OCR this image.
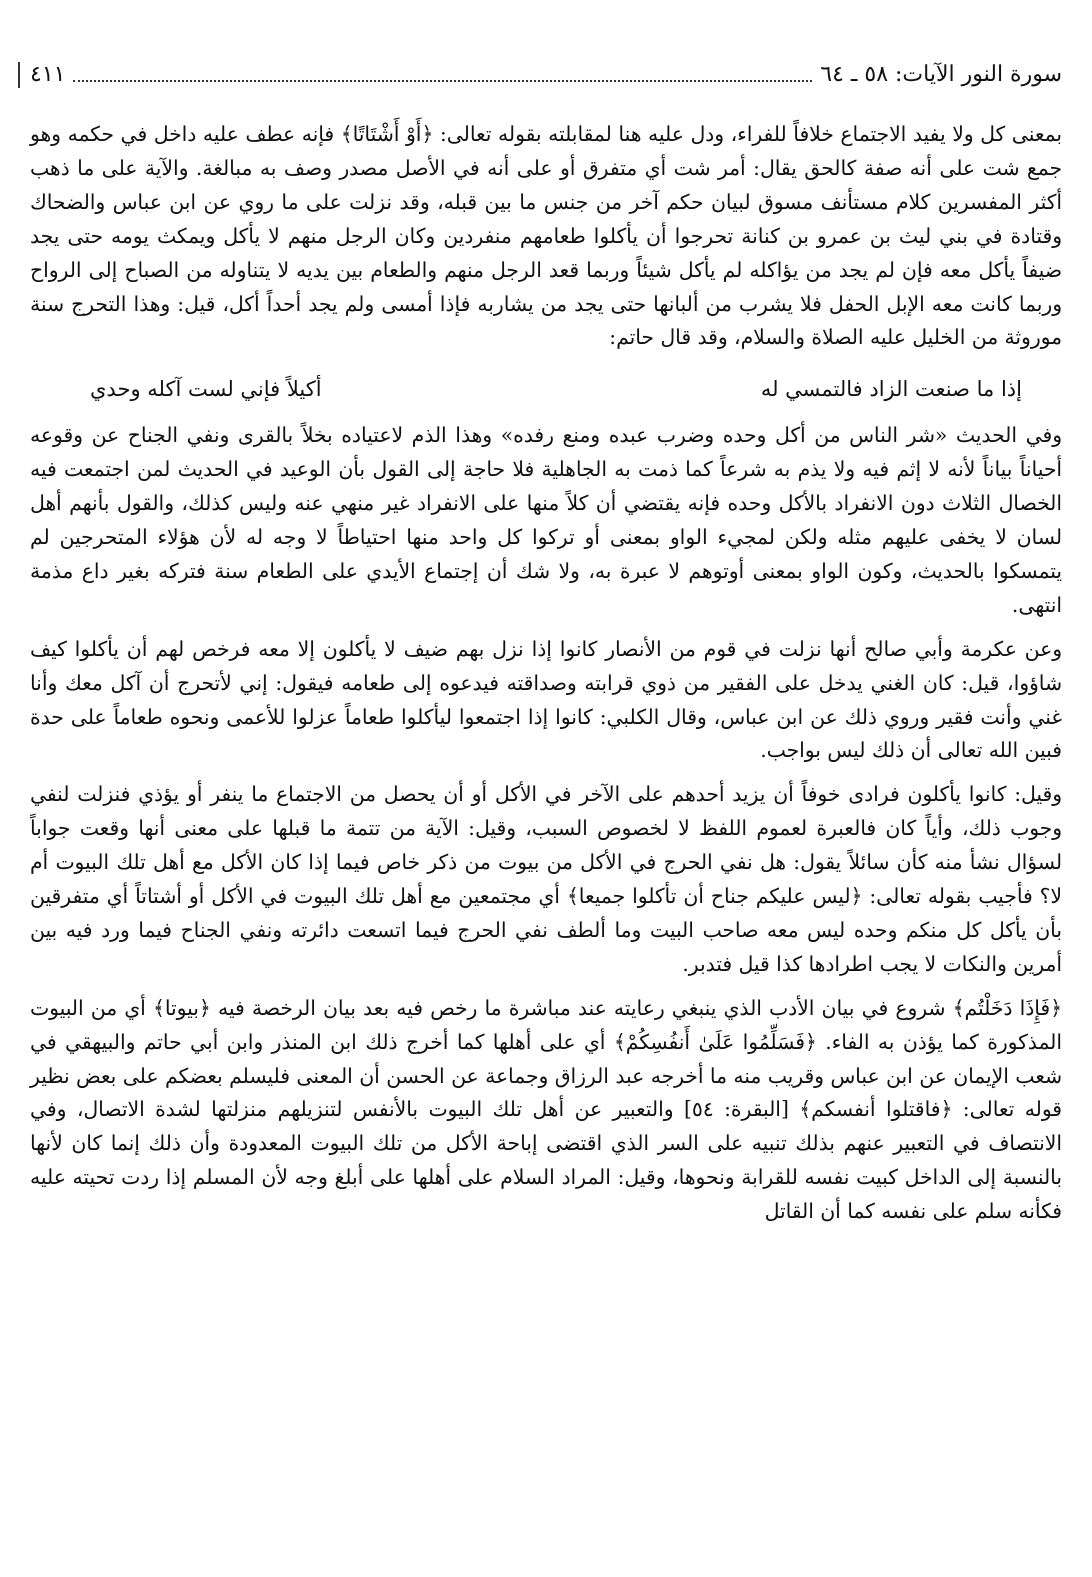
سورة النور الآيات: ٥٨ ـ ٦٤
٤١١

بمعنى كل ولا يفيد الاجتماع خلافاً للفراء، ودل عليه هنا لمقابلته بقوله تعالى: ﴿أَوْ أَشْتَاتًا﴾ فإنه عطف عليه داخل في حكمه وهو جمع شت على أنه صفة كالحق يقال: أمر شت أي متفرق أو على أنه في الأصل مصدر وصف به مبالغة. والآية على ما ذهب أكثر المفسرين كلام مستأنف مسوق لبيان حكم آخر من جنس ما بين قبله، وقد نزلت على ما روي عن ابن عباس والضحاك وقتادة في بني ليث بن عمرو بن كنانة تحرجوا أن يأكلوا طعامهم منفردين وكان الرجل منهم لا يأكل ويمكث يومه حتى يجد ضيفاً يأكل معه فإن لم يجد من يؤاكله لم يأكل شيئاً وربما قعد الرجل منهم والطعام بين يديه لا يتناوله من الصباح إلى الرواح وربما كانت معه الإبل الحفل فلا يشرب من ألبانها حتى يجد من يشاربه فإذا أمسى ولم يجد أحداً أكل، قيل: وهذا التحرج سنة موروثة من الخليل عليه الصلاة والسلام، وقد قال حاتم:

إذا ما صنعت الزاد فالتمسي له
أكيلاً فإني لست آكله وحدي

وفي الحديث «شر الناس من أكل وحده وضرب عبده ومنع رفده» وهذا الذم لاعتياده بخلاً بالقرى ونفي الجناح عن وقوعه أحياناً بياناً لأنه لا إثم فيه ولا يذم به شرعاً كما ذمت به الجاهلية فلا حاجة إلى القول بأن الوعيد في الحديث لمن اجتمعت فيه الخصال الثلاث دون الانفراد بالأكل وحده فإنه يقتضي أن كلاً منها على الانفراد غير منهي عنه وليس كذلك، والقول بأنهم أهل لسان لا يخفى عليهم مثله ولكن لمجيء الواو بمعنى أو تركوا كل واحد منها احتياطاً لا وجه له لأن هؤلاء المتحرجين لم يتمسكوا بالحديث، وكون الواو بمعنى أوتوهم لا عبرة به، ولا شك أن إجتماع الأيدي على الطعام سنة فتركه بغير داع مذمة انتهى.

وعن عكرمة وأبي صالح أنها نزلت في قوم من الأنصار كانوا إذا نزل بهم ضيف لا يأكلون إلا معه فرخص لهم أن يأكلوا كيف شاؤوا، قيل: كان الغني يدخل على الفقير من ذوي قرابته وصداقته فيدعوه إلى طعامه فيقول: إني لأتحرج أن آكل معك وأنا غني وأنت فقير وروي ذلك عن ابن عباس، وقال الكلبي: كانوا إذا اجتمعوا ليأكلوا طعاماً عزلوا للأعمى ونحوه طعاماً على حدة فبين الله تعالى أن ذلك ليس بواجب.

وقيل: كانوا يأكلون فرادى خوفاً أن يزيد أحدهم على الآخر في الأكل أو أن يحصل من الاجتماع ما ينفر أو يؤذي فنزلت لنفي وجوب ذلك، وأياً كان فالعبرة لعموم اللفظ لا لخصوص السبب، وقيل: الآية من تتمة ما قبلها على معنى أنها وقعت جواباً لسؤال نشأ منه كأن سائلاً يقول: هل نفي الحرج في الأكل من بيوت من ذكر خاص فيما إذا كان الأكل مع أهل تلك البيوت أم لا؟ فأجيب بقوله تعالى: ﴿ليس عليكم جناح أن تأكلوا جميعا﴾ أي مجتمعين مع أهل تلك البيوت في الأكل أو أشتاتاً أي متفرقين بأن يأكل كل منكم وحده ليس معه صاحب البيت وما ألطف نفي الحرج فيما اتسعت دائرته ونفي الجناح فيما ورد فيه بين أمرين والنكات لا يجب اطرادها كذا قيل فتدبر.

﴿فَإِذَا دَخَلْتُم﴾ شروع في بيان الأدب الذي ينبغي رعايته عند مباشرة ما رخص فيه بعد بيان الرخصة فيه ﴿بيوتا﴾ أي من البيوت المذكورة كما يؤذن به الفاء. ﴿فَسَلِّمُوا عَلَىٰ أَنفُسِكُمْ﴾ أي على أهلها كما أخرج ذلك ابن المنذر وابن أبي حاتم والبيهقي في شعب الإيمان عن ابن عباس وقريب منه ما أخرجه عبد الرزاق وجماعة عن الحسن أن المعنى فليسلم بعضكم على بعض نظير قوله تعالى: ﴿فاقتلوا أنفسكم﴾ [البقرة: ٥٤] والتعبير عن أهل تلك البيوت بالأنفس لتنزيلهم منزلتها لشدة الاتصال، وفي الانتصاف في التعبير عنهم بذلك تنبيه على السر الذي اقتضى إباحة الأكل من تلك البيوت المعدودة وأن ذلك إنما كان لأنها بالنسبة إلى الداخل كبيت نفسه للقرابة ونحوها، وقيل: المراد السلام على أهلها على أبلغ وجه لأن المسلم إذا ردت تحيته عليه فكأنه سلم على نفسه كما أن القاتل
